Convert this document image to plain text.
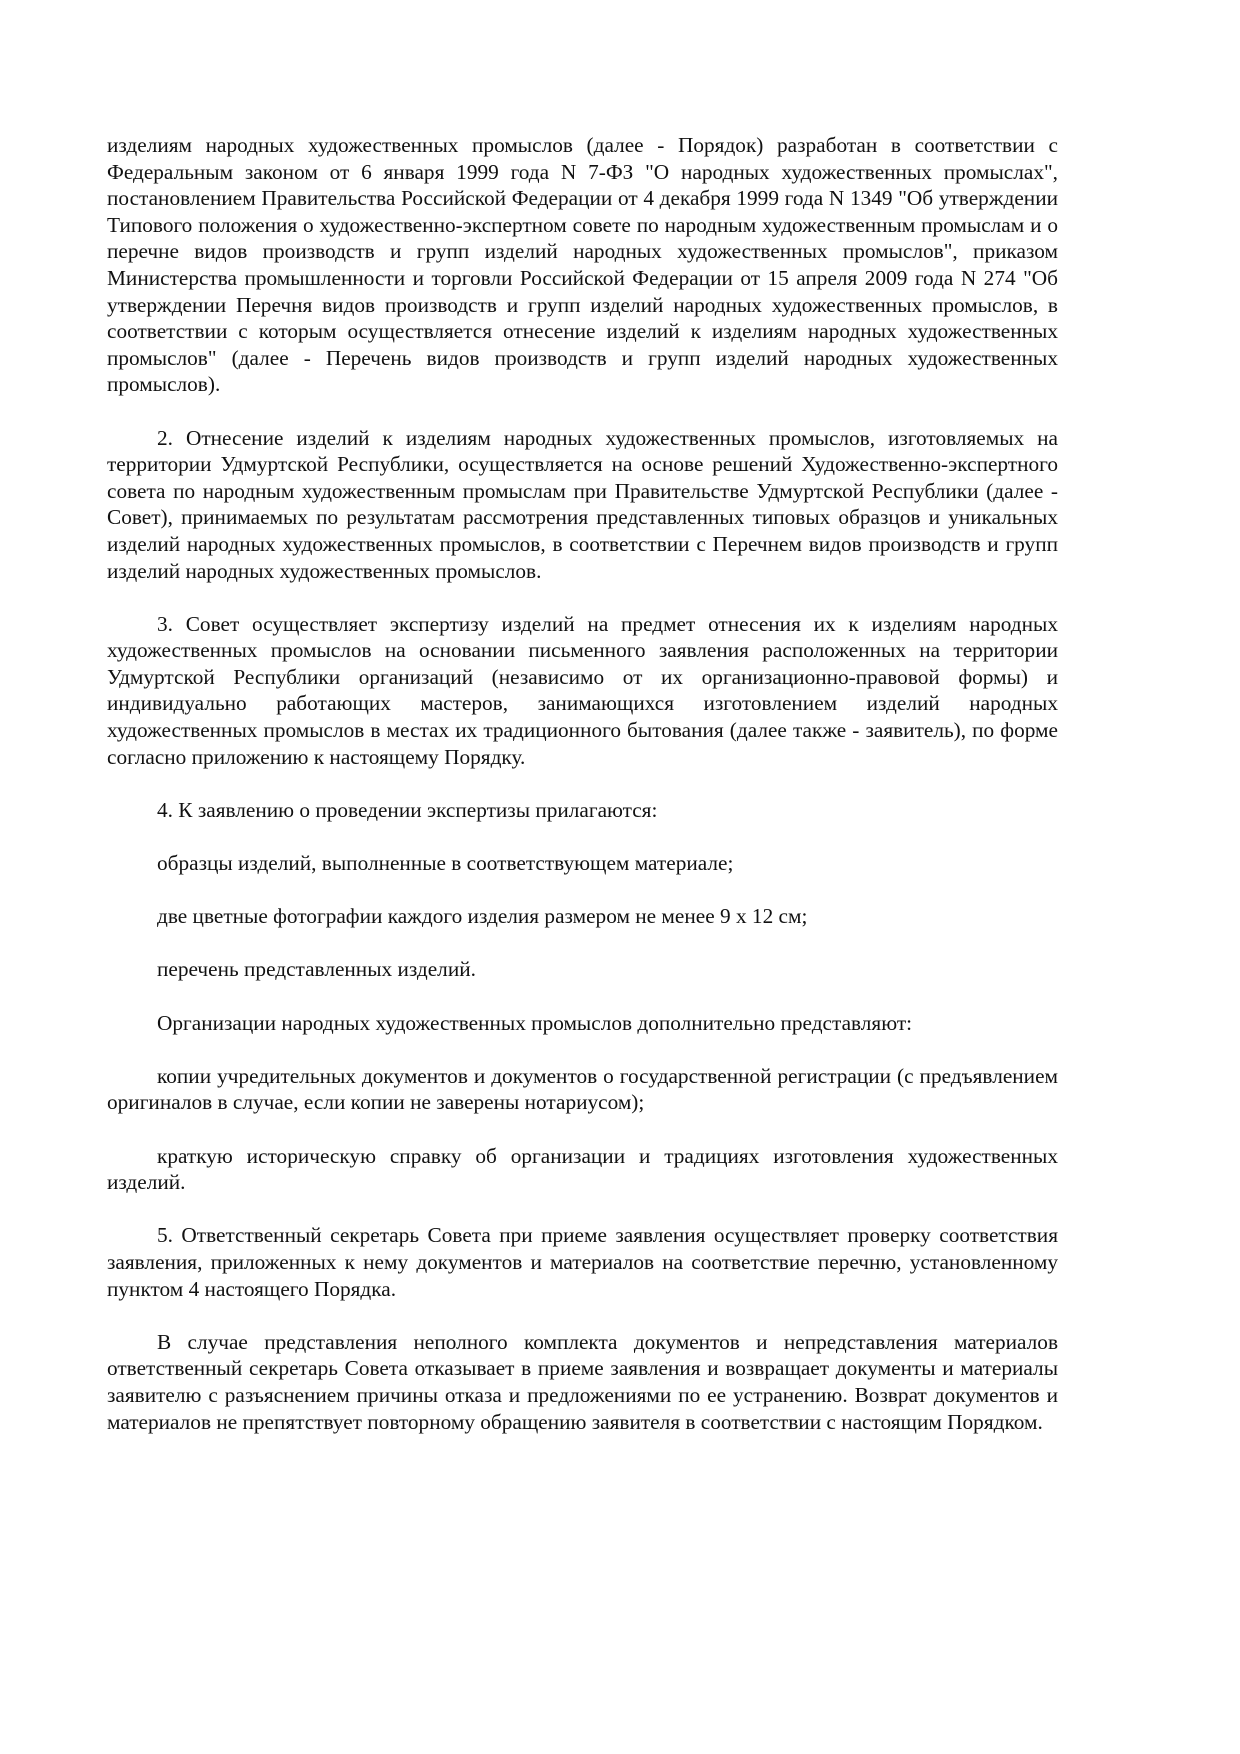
изделиям народных художественных промыслов (далее - Порядок) разработан в соответствии с Федеральным законом от 6 января 1999 года N 7-ФЗ "О народных художественных промыслах", постановлением Правительства Российской Федерации от 4 декабря 1999 года N 1349 "Об утверждении Типового положения о художественно-экспертном совете по народным художественным промыслам и о перечне видов производств и групп изделий народных художественных промыслов", приказом Министерства промышленности и торговли Российской Федерации от 15 апреля 2009 года N 274 "Об утверждении Перечня видов производств и групп изделий народных художественных промыслов, в соответствии с которым осуществляется отнесение изделий к изделиям народных художественных промыслов" (далее - Перечень видов производств и групп изделий народных художественных промыслов).

2. Отнесение изделий к изделиям народных художественных промыслов, изготовляемых на территории Удмуртской Республики, осуществляется на основе решений Художественно-экспертного совета по народным художественным промыслам при Правительстве Удмуртской Республики (далее - Совет), принимаемых по результатам рассмотрения представленных типовых образцов и уникальных изделий народных художественных промыслов, в соответствии с Перечнем видов производств и групп изделий народных художественных промыслов.

3. Совет осуществляет экспертизу изделий на предмет отнесения их к изделиям народных художественных промыслов на основании письменного заявления расположенных на территории Удмуртской Республики организаций (независимо от их организационно-правовой формы) и индивидуально работающих мастеров, занимающихся изготовлением изделий народных художественных промыслов в местах их традиционного бытования (далее также - заявитель), по форме согласно приложению к настоящему Порядку.

4. К заявлению о проведении экспертизы прилагаются:

образцы изделий, выполненные в соответствующем материале;

две цветные фотографии каждого изделия размером не менее 9 х 12 см;

перечень представленных изделий.

Организации народных художественных промыслов дополнительно представляют:

копии учредительных документов и документов о государственной регистрации (с предъявлением оригиналов в случае, если копии не заверены нотариусом);

краткую историческую справку об организации и традициях изготовления художественных изделий.

5. Ответственный секретарь Совета при приеме заявления осуществляет проверку соответствия заявления, приложенных к нему документов и материалов на соответствие перечню, установленному пунктом 4 настоящего Порядка.

В случае представления неполного комплекта документов и непредставления материалов ответственный секретарь Совета отказывает в приеме заявления и возвращает документы и материалы заявителю с разъяснением причины отказа и предложениями по ее устранению. Возврат документов и материалов не препятствует повторному обращению заявителя в соответствии с настоящим Порядком.
